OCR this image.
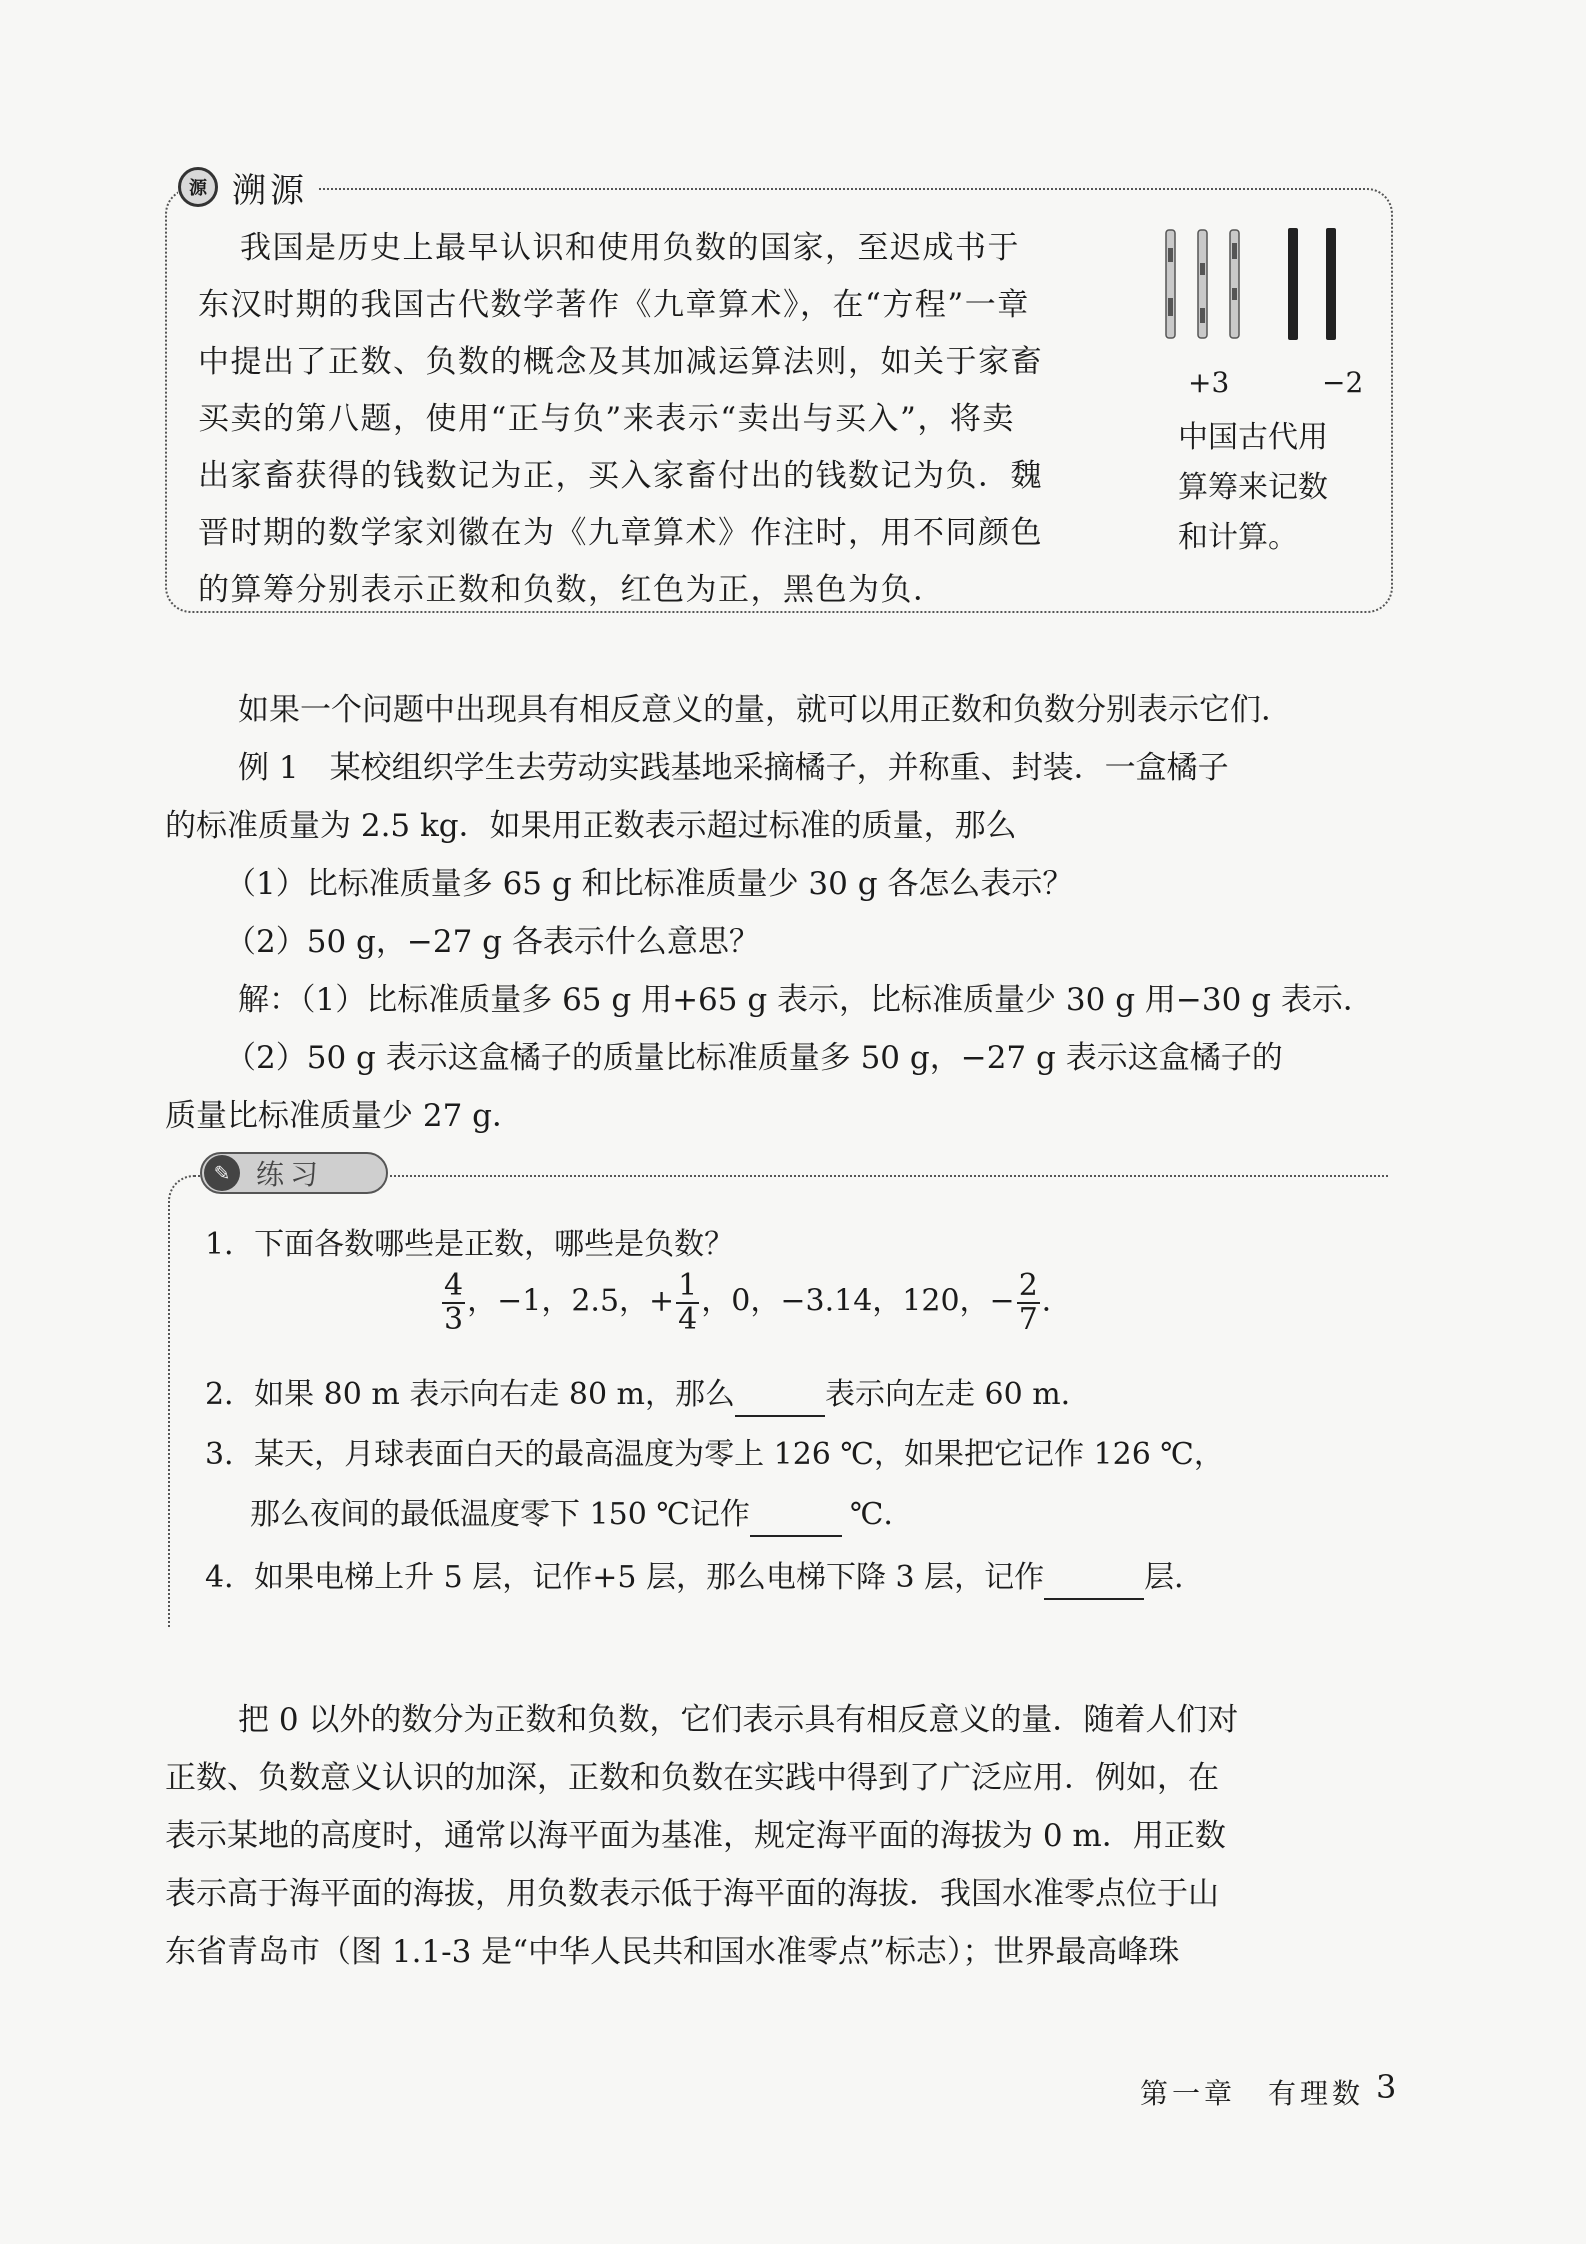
源 溯源
我国是历史上最早认识和使用负数的国家，至迟成书于
东汉时期的我国古代数学著作《九章算术》，在“方程”一章
中提出了正数、负数的概念及其加减运算法则，如关于家畜
买卖的第八题，使用“正与负”来表示“卖出与买入”，将卖
出家畜获得的钱数记为正，买入家畜付出的钱数记为负．魏
晋时期的数学家刘徽在为《九章算术》作注时，用不同颜色
的算筹分别表示正数和负数，红色为正，黑色为负．
+3	−2
中国古代用
算筹来记数
和计算。
如果一个问题中出现具有相反意义的量，就可以用正数和负数分别表示它们．
例 1　某校组织学生去劳动实践基地采摘橘子，并称重、封装．一盒橘子
的标准质量为 2.5 kg．如果用正数表示超过标准的质量，那么
（1）比标准质量多 65 g 和比标准质量少 30 g 各怎么表示？
（2）50 g，−27 g 各表示什么意思？
解：（1）比标准质量多 65 g 用+65 g 表示，比标准质量少 30 g 用−30 g 表示．
（2）50 g 表示这盒橘子的质量比标准质量多 50 g，−27 g 表示这盒橘子的
质量比标准质量少 27 g．
✎ 练习
1．下面各数哪些是正数，哪些是负数？
$\frac{4}{3}$ ，−1，2.5，+ $\frac{1}{4}$ ，0，−3.14，120，− $\frac{2}{7}$ ．
2．如果 80 m 表示向右走 80 m，那么	表示向左走 60 m．
3．某天，月球表面白天的最高温度为零上 126 ℃，如果把它记作 126 ℃，
那么夜间的最低温度零下 150 ℃记作	℃．
4．如果电梯上升 5 层，记作+5 层，那么电梯下降 3 层，记作	层．
把 0 以外的数分为正数和负数，它们表示具有相反意义的量．随着人们对
正数、负数意义认识的加深，正数和负数在实践中得到了广泛应用．例如，在
表示某地的高度时，通常以海平面为基准，规定海平面的海拔为 0 m．用正数
表示高于海平面的海拔，用负数表示低于海平面的海拔．我国水准零点位于山
东省青岛市（图 1.1-3 是“中华人民共和国水准零点”标志）；世界最高峰珠
第一章　有理数 3
